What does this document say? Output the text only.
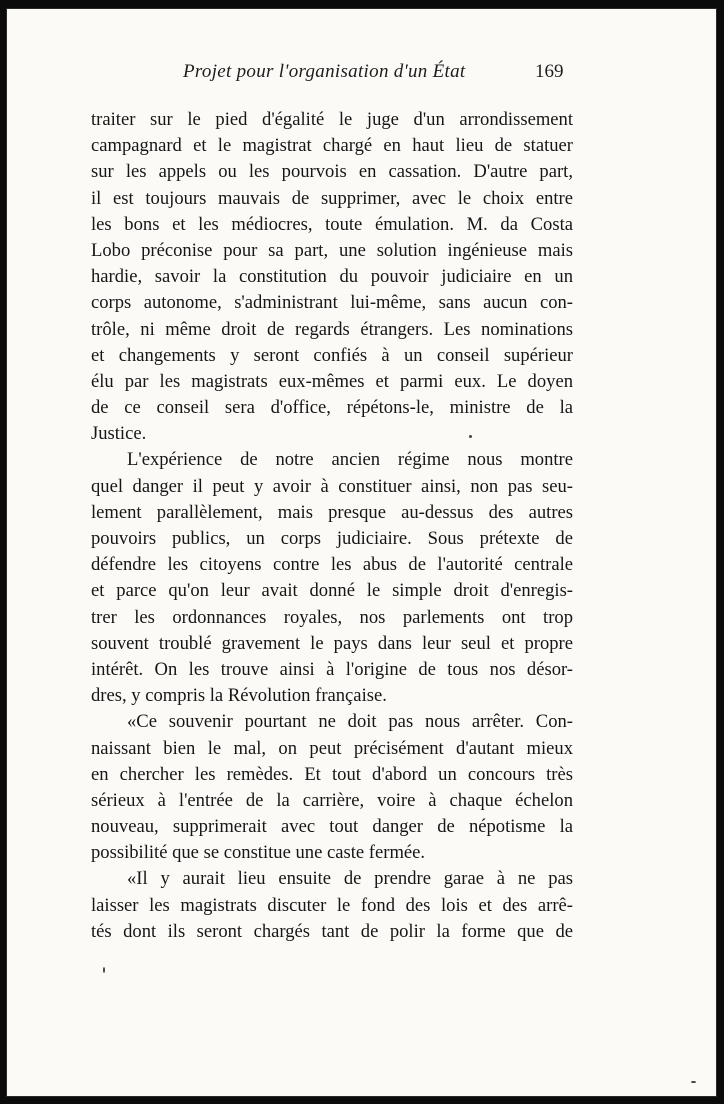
Projet pour l'organisation d'un État	169
traiter sur le pied d'égalité le juge d'un arrondissement
campagnard et le magistrat chargé en haut lieu de statuer
sur les appels ou les pourvois en cassation. D'autre part,
il est toujours mauvais de supprimer, avec le choix entre
les bons et les médiocres, toute émulation. M. da Costa
Lobo préconise pour sa part, une solution ingénieuse mais
hardie, savoir la constitution du pouvoir judiciaire en un
corps autonome, s'administrant lui-même, sans aucun con-
trôle, ni même droit de regards étrangers. Les nominations
et changements y seront confiés à un conseil supérieur
élu par les magistrats eux-mêmes et parmi eux. Le doyen
de ce conseil sera d'office, répétons-le, ministre de la
Justice.
L'expérience de notre ancien régime nous montre
quel danger il peut y avoir à constituer ainsi, non pas seu-
lement parallèlement, mais presque au-dessus des autres
pouvoirs publics, un corps judiciaire. Sous prétexte de
défendre les citoyens contre les abus de l'autorité centrale
et parce qu'on leur avait donné le simple droit d'enregis-
trer les ordonnances royales, nos parlements ont trop
souvent troublé gravement le pays dans leur seul et propre
intérêt. On les trouve ainsi à l'origine de tous nos désor-
dres, y compris la Révolution française.
«Ce souvenir pourtant ne doit pas nous arrêter. Con-
naissant bien le mal, on peut précisément d'autant mieux
en chercher les remèdes. Et tout d'abord un concours très
sérieux à l'entrée de la carrière, voire à chaque échelon
nouveau, supprimerait avec tout danger de népotisme la
possibilité que se constitue une caste fermée.
«Il y aurait lieu ensuite de prendre garae à ne pas
laisser les magistrats discuter le fond des lois et des arrê-
tés dont ils seront chargés tant de polir la forme que de
